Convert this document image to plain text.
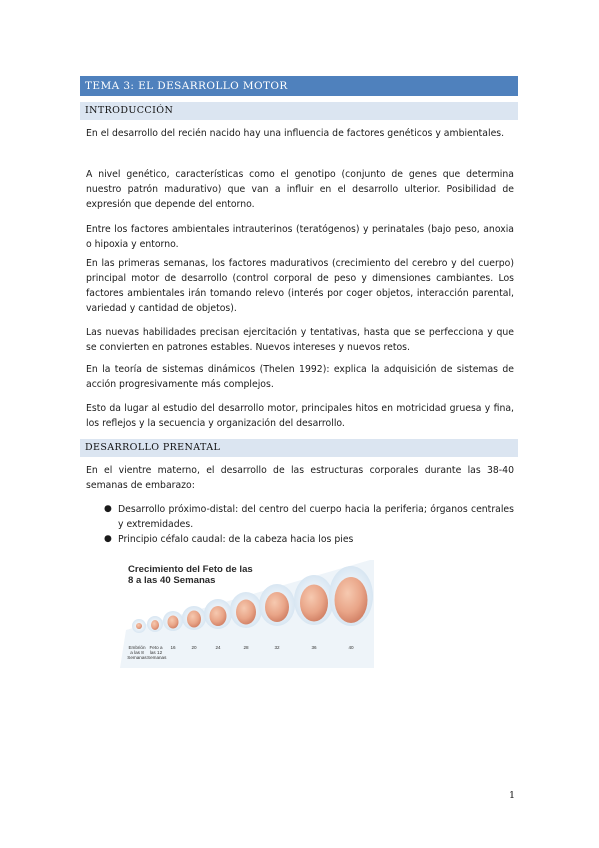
TEMA 3: EL DESARROLLO MOTOR
INTRODUCCIÓN

En el desarrollo del recién nacido hay una influencia de factores genéticos y ambientales.

A nivel genético, características como el genotipo (conjunto de genes que determina nuestro patrón madurativo) que van a influir en el desarrollo ulterior. Posibilidad de expresión que depende del entorno.

Entre los factores ambientales intrauterinos (teratógenos) y perinatales (bajo peso, anoxia o hipoxia y entorno.

En las primeras semanas, los factores madurativos (crecimiento del cerebro y del cuerpo) principal motor de desarrollo (control corporal de peso y dimensiones cambiantes. Los factores ambientales irán tomando relevo (interés por coger objetos, interacción parental, variedad y cantidad de objetos).

Las nuevas habilidades precisan ejercitación y tentativas, hasta que se perfecciona y que se convierten en patrones estables. Nuevos intereses y nuevos retos.

En la teoría de sistemas dinámicos (Thelen 1992): explica la adquisición de sistemas de acción progresivamente más complejos.

Esto da lugar al estudio del desarrollo motor, principales hitos en motricidad gruesa y fina, los reflejos y la secuencia y organización del desarrollo.

DESARROLLO PRENATAL

En el vientre materno, el desarrollo de las estructuras corporales durante las 38-40 semanas de embarazo:

● Desarrollo próximo-distal: del centro del cuerpo hacia la periferia; órganos centrales y extremidades.
● Principio céfalo caudal: de la cabeza hacia los pies
Crecimiento del Feto de las
8 a las 40 Semanas
Embrión a las 8 Semanas
Feto a las 12 Semanas
16	20	24	28	32	36	40
1
